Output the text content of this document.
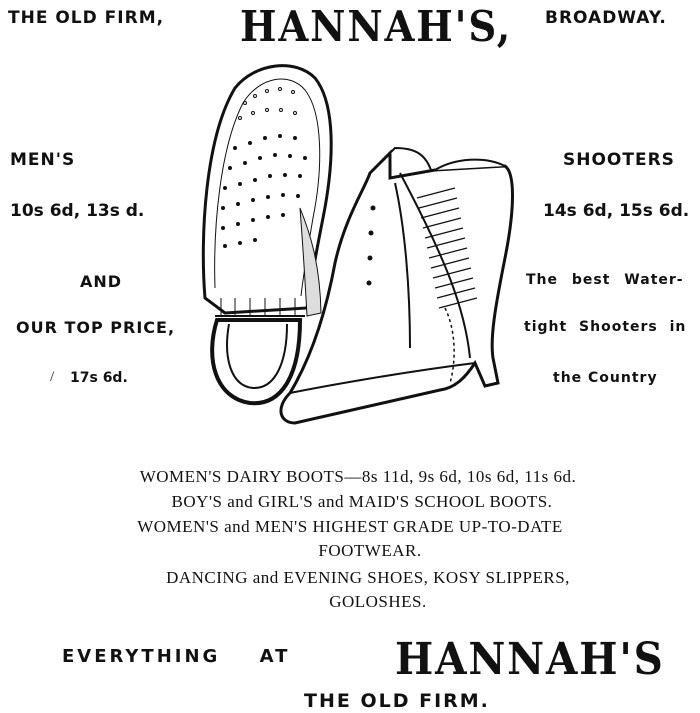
THE OLD FIRM, HANNAH'S, BROADWAY.
MEN'S
10s 6d, 13s d.
AND
OUR TOP PRICE,
/ 17s 6d.
SHOOTERS
14s 6d, 15s 6d.
The best Water-
tight Shooters in
the Country
WOMEN'S DAIRY BOOTS—8s 11d, 9s 6d, 10s 6d, 11s 6d.
BOY'S and GIRL'S and MAID'S SCHOOL BOOTS.
WOMEN'S and MEN'S HIGHEST GRADE UP-TO-DATE
FOOTWEAR.
DANCING and EVENING SHOES, KOSY SLIPPERS,
GOLOSHES.
EVERYTHING AT HANNAH'S
THE OLD FIRM.
